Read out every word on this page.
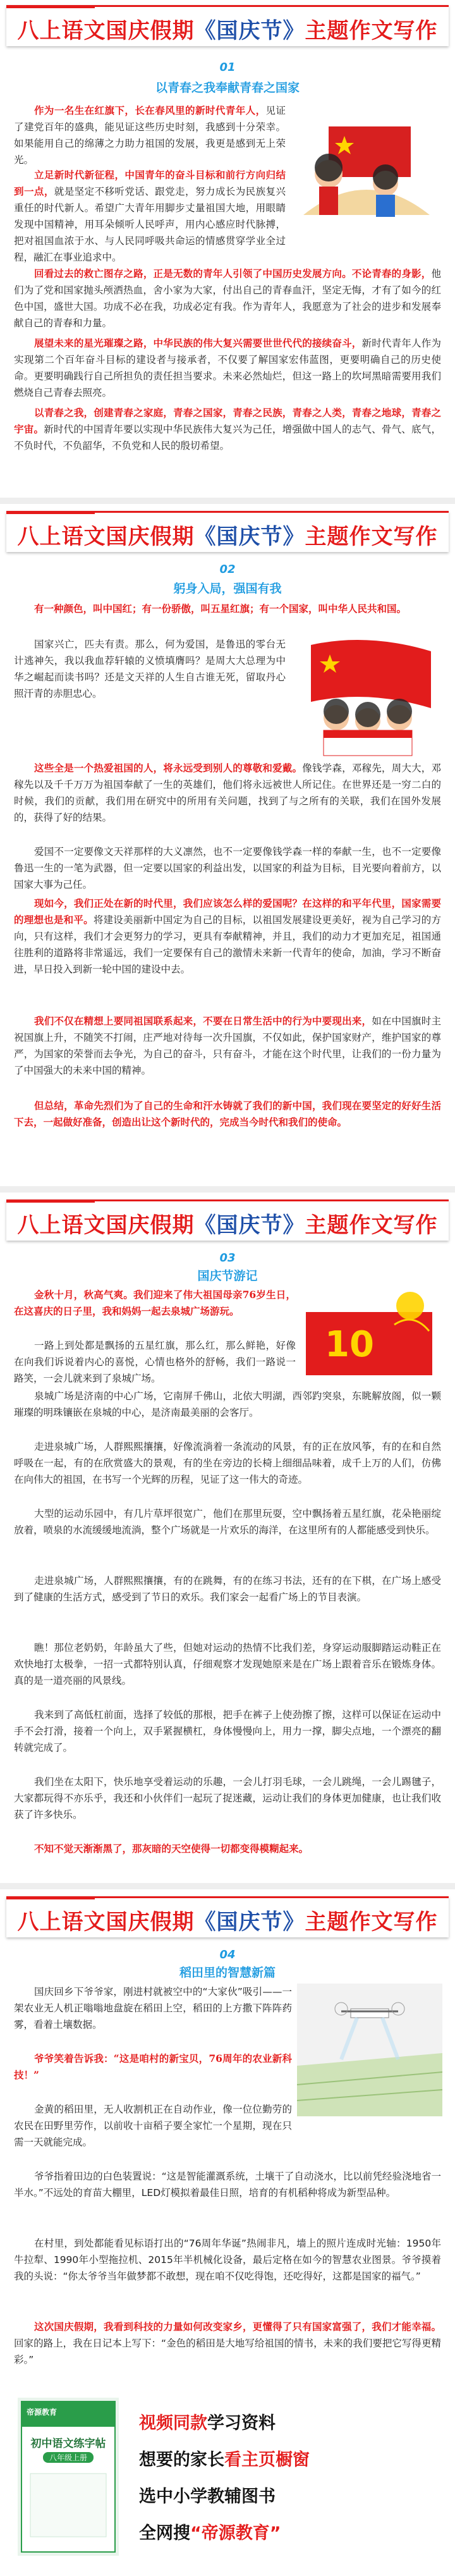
八上语文国庆假期《国庆节》主题作文写作
01
以青春之我奉献青春之国家

作为一名生在红旗下，长在春风里的新时代青年人，见证了建党百年的盛典，能见证这些历史时刻，我感到十分荣幸。如果能用自己的绵薄之力助力祖国的发展，我更是感到无上荣光。

立足新时代新征程，中国青年的奋斗目标和前行方向归结到一点，就是坚定不移听党话、跟党走，努力成长为民族复兴重任的时代新人。希望广大青年用脚步丈量祖国大地，用眼睛发现中国精神，用耳朵倾听人民呼声，用内心感应时代脉搏，把对祖国血浓于水、与人民同呼吸共命运的情感贯穿学业全过程，融汇在事业追求中。

回看过去的救亡图存之路，正是无数的青年人引领了中国历史发展方向。不论青春的身影，他们为了党和国家抛头颅洒热血，舍小家为大家，付出自己的青春血汗，坚定无悔，才有了如今的红色中国，盛世大国。功成不必在我，功成必定有我。作为青年人，我愿意为了社会的进步和发展奉献自己的青春和力量。

展望未来的星光璀璨之路，中华民族的伟大复兴需要世世代代的接续奋斗，新时代青年人作为实现第二个百年奋斗目标的建设者与接承者，不仅要了解国家宏伟蓝图，更要明确自己的历史使命。更要明确践行自己所担负的责任担当要求。未来必然灿烂，但这一路上的坎坷黑暗需要用我们燃烧自己青春去照亮。

以青春之我，创建青春之家庭，青春之国家，青春之民族，青春之人类，青春之地球，青春之宇宙。新时代的中国青年要以实现中华民族伟大复兴为己任，增强做中国人的志气、骨气、底气，不负时代，不负韶华，不负党和人民的殷切希望。

八上语文国庆假期《国庆节》主题作文写作
02
躬身入局，强国有我

有一种颜色，叫中国红；有一份骄傲，叫五星红旗；有一个国家，叫中华人民共和国。

国家兴亡，匹夫有责。那么，何为爱国，是鲁迅的零台无计逃神矢，我以我血荐轩辕的义愤填膺吗？是周大大总理为中华之崛起而读书吗？还是文天祥的人生自古谁无死，留取丹心照汗青的赤胆忠心。

这些全是一个热爱祖国的人，将永远受到别人的尊敬和爱戴。像钱学森，邓稼先，周大大，邓稼先以及千千万万为祖国奉献了一生的英雄们，他们将永远被世人所记住。在世界还是一穷二白的时候，我们的贡献，我们用在研究中的所用有关问题，找到了与之所有的关联，我们在国外发展的，获得了好的结果。

爱国不一定要像文天祥那样的大义凛然，也不一定要像钱学森一样的奉献一生，也不一定要像鲁迅一生的一笔为武器，但一定要以国家的利益出发，以国家的利益为目标，目光要向着前方，以国家大事为己任。

现如今，我们正处在新的时代里，我们应该怎么样的爱国呢？在这样的和平年代里，国家需要的理想也是和平。将建设美丽新中国定为自己的目标，以祖国发展建设更美好，视为自己学习的方向，只有这样，我们才会更努力的学习，更具有奉献精神，并且，我们的动力才更加充足，祖国通往胜利的道路将非常遥远，我们一定要保有自己的激情未来新一代青年的使命，加油，学习不断奋进，早日投入到新一轮中国的建设中去。

我们不仅在精想上要同祖国联系起来，不要在日常生活中的行为中要现出来，如在中国旗时主祝国旗上升，不随笑不打闹，庄严地对待每一次升国旗，不仅如此，保护国家财产，维护国家的尊严，为国家的荣誉而去争光，为自己的奋斗，只有奋斗，才能在这个时代里，让我们的一份力量为了中国强大的未来中国的精神。

但总结，革命先烈们为了自己的生命和汗水铸就了我们的新中国，我们现在要坚定的好好生活下去，一起做好准备，创造出让这个新时代的，完成当今时代和我们的使命。

八上语文国庆假期《国庆节》主题作文写作
03
国庆节游记
10

金秋十月，秋高气爽。我们迎来了伟大祖国母亲76岁生日，在这喜庆的日子里，我和妈妈一起去泉城广场游玩。

一路上到处都是飘扬的五星红旗，那么红，那么鲜艳，好像在向我们诉说着内心的喜悦，心情也格外的舒畅，我们一路说一路笑，一会儿就来到了泉城广场。

泉城广场是济南的中心广场，它南屏千佛山，北依大明湖，西邻趵突泉，东眺解放阁，似一颗璀璨的明珠镶嵌在泉城的中心，是济南最美丽的会客厅。

走进泉城广场，人群熙熙攘攘，好像流淌着一条流动的风景，有的正在放风筝，有的在和自然呼吸在一起，有的在欣赏盛大的景观，有的坐在旁边的长椅上细细品味着，成千上万的人们，仿佛在向伟大的祖国，在书写一个光辉的历程，见证了这一伟大的奇迹。

大型的运动乐园中，有几片草坪很宽广，他们在那里玩耍，空中飘扬着五星红旗，花朵艳丽绽放着，喷泉的水流缓缓地流淌，整个广场就是一片欢乐的海洋，在这里所有的人都能感受到快乐。

走进泉城广场，人群熙熙攘攘，有的在跳舞，有的在练习书法，还有的在下棋，在广场上感受到了健康的生活方式，感受到了节日的欢乐。我们家会一起看广场上的节目表演。

瞧！那位老奶奶，年龄虽大了些，但她对运动的热情不比我们差，身穿运动服脚踏运动鞋正在欢快地打太极拳，一招一式都特别认真，仔细观察才发现她原来是在广场上跟着音乐在锻炼身体。真的是一道亮丽的风景线。

我来到了高低杠前面，选择了较低的那根，把手在裤子上使劲擦了擦，这样可以保证在运动中手不会打滑，接着一个向上，双手紧握横杠，身体慢慢向上，用力一撑，脚尖点地，一个漂亮的翻转就完成了。

我们坐在太阳下，快乐地享受着运动的乐趣，一会儿打羽毛球，一会儿跳绳，一会儿踢毽子，大家都玩得不亦乐乎，我还和小伙伴们一起玩了捉迷藏，运动让我们的身体更加健康，也让我们收获了许多快乐。

不知不觉天渐渐黑了，那灰暗的天空使得一切都变得模糊起来。

八上语文国庆假期《国庆节》主题作文写作
04
稻田里的智慧新篇

国庆回乡下爷爷家，刚进村就被空中的“大家伙”吸引——一架农业无人机正嗡嗡地盘旋在稻田上空，稻田的上方撒下阵阵药雾，看着土壤数据。

爷爷笑着告诉我：“这是咱村的新宝贝，76周年的农业新科技！”

金黄的稻田里，无人收割机正在自动作业，像一位位勤劳的农民在田野里劳作，以前收十亩稻子要全家忙一个星期，现在只需一天就能完成。

爷爷指着田边的白色装置说：“这是智能灌溉系统，土壤干了自动浇水，比以前凭经验浇地省一半水。”不远处的育苗大棚里，LED灯模拟着最佳日照，培育的有机稻种将成为新型品种。

在村里，到处都能看见标语打出的“76周年华诞”热闹非凡，墙上的照片连成时光轴：1950年牛拉犁、1990年小型拖拉机、2015年半机械化设备，最后定格在如今的智慧农业图景。爷爷摸着我的头说：“你太爷爷当年做梦都不敢想，现在咱不仅吃得饱，还吃得好，这都是国家的福气。”

这次国庆假期，我看到科技的力量如何改变家乡，更懂得了只有国家富强了，我们才能幸福。回家的路上，我在日记本上写下：“金色的稻田是大地写给祖国的情书，未来的我们要把它写得更精彩。”

帝源教育
初中语文练字帖
八年级上册
视频同款学习资料
想要的家长看主页橱窗
选中小学教辅图书
全网搜“帝源教育”
